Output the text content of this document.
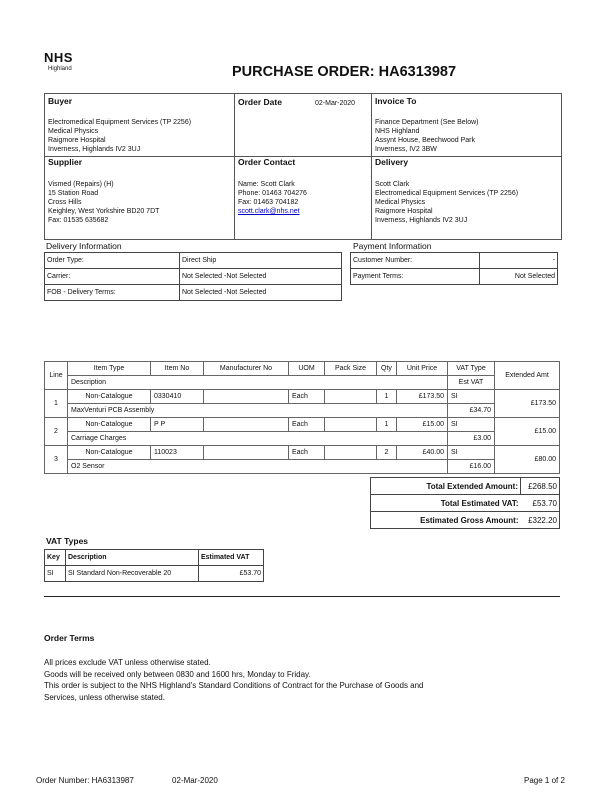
NHS
Highland	PURCHASE ORDER: HA6313987
Buyer
Electromedical Equipment Services (TP 2256)
Medical Physics
Raigmore Hospital
Inverness, Highlands IV2 3UJ
Order Date	02-Mar-2020 Invoice To
Finance Department (See Below)
NHS Highland
Assynt House, Beechwood Park
Inverness, IV2 3BW
Supplier
Vismed (Repairs) (H)
15 Station Road
Cross Hills
Keighley, West Yorkshire BD20 7DT
Fax: 01535 635682
Order Contact
Name: Scott Clark
Phone: 01463 704276
Fax: 01463 704182
scott.clark@nhs.net
Delivery
Scott Clark
Electromedical Equipment Services (TP 2256)
Medical Physics
Raigmore Hospital
Inverness, Highlands IV2 3UJ
Delivery Information
Order Type:	Direct Ship
Carrier:	Not Selected -Not Selected
FOB - Delivery Terms:	Not Selected -Not Selected
Payment Information
Customer Number:	-
Payment Terms:	Not Selected
Line	Item Type	Item No	Manufacturer No	UOM	Pack Size	Qty	Unit Price	VAT Type	Extended Amt
	Description							Est VAT	
1	Non-Catalogue	0330410		Each		1	£173.50	SI	£173.50
	MaxVenturi PCB Assembly							£34.70	
2	Non-Catalogue	P P		Each		1	£15.00	SI	£15.00
	Carriage Charges							£3.00	
3	Non-Catalogue	110023		Each		2	£40.00	SI	£80.00
	O2 Sensor							£16.00	
Total Extended Amount:	£268.50
Total Estimated VAT:	£53.70
Estimated Gross Amount:	£322.20
VAT Types
Key	Description	Estimated VAT
SI	SI Standard Non-Recoverable 20	£53.70
Order Terms
All prices exclude VAT unless otherwise stated.
Goods will be received only between 0830 and 1600 hrs, Monday to Friday.
This order is subject to the NHS Highland's Standard Conditions of Contract for the Purchase of Goods and
Services, unless otherwise stated.
Order Number: HA6313987	02-Mar-2020	Page 1 of 2
